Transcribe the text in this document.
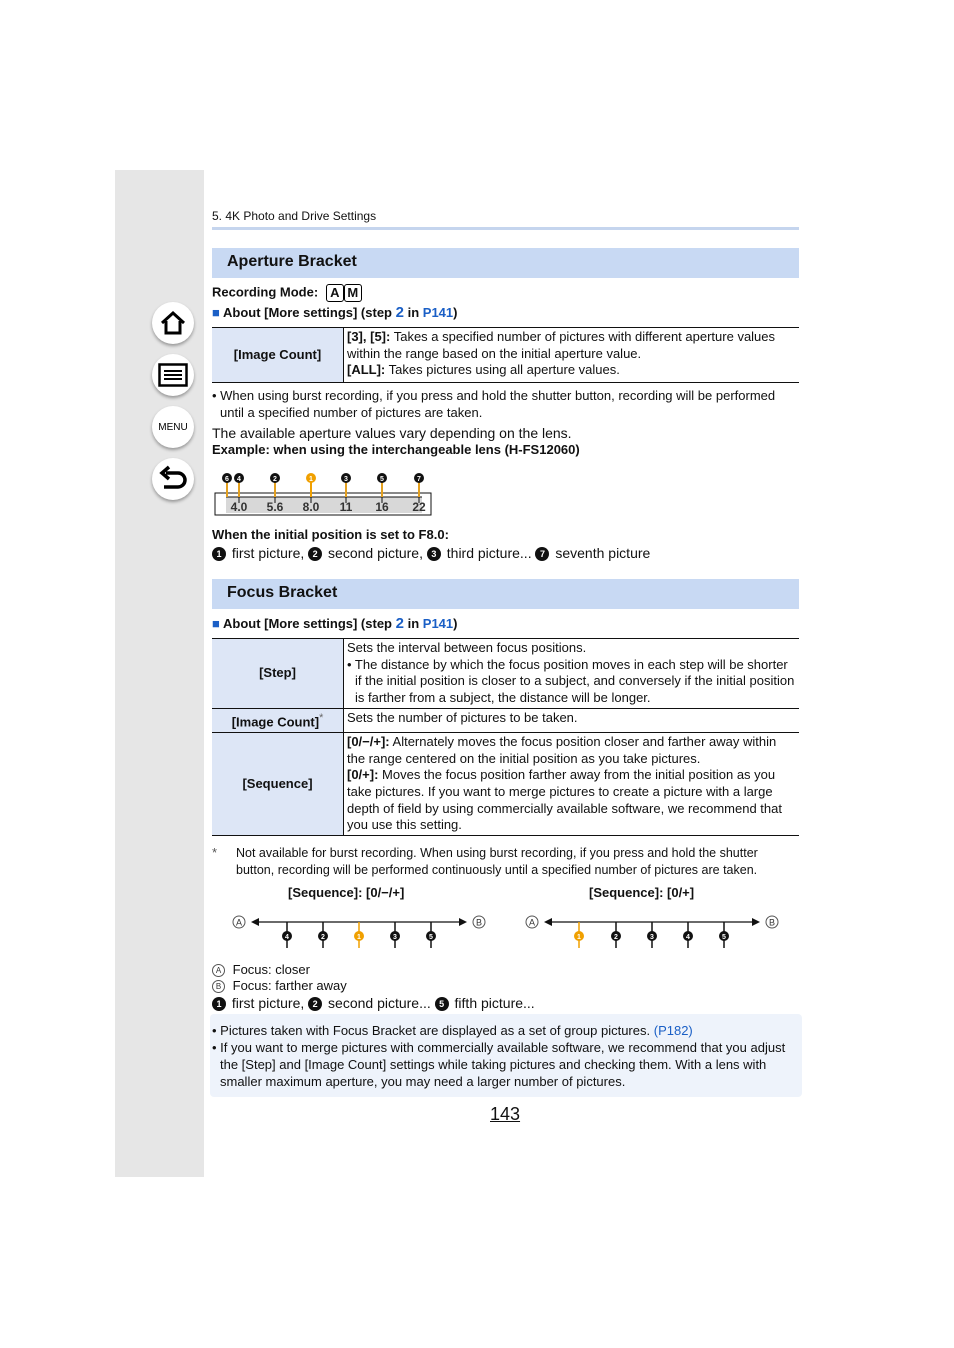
MENU
5. 4K Photo and Drive Settings
Aperture Bracket
Recording Mode: A M
■ About [More settings] (step 2 in P141)
[Image Count]	[3], [5]: Takes a specified number of pictures with different aperture values within the range based on the initial aperture value.
[ALL]: Takes pictures using all aperture values.
• When using burst recording, if you press and hold the shutter button, recording will be performed until a specified number of pictures are taken.
The available aperture values vary depending on the lens.
Example: when using the interchangeable lens (H-FS12060)
4.0 5.6 8.0 11 16 22
6 4	2	1	3	5	7
When the initial position is set to F8.0:
1 first picture, 2 second picture, 3 third picture... 7 seventh picture
Focus Bracket
■ About [More settings] (step 2 in P141)
[Step]	Sets the interval between focus positions.
• The distance by which the focus position moves in each step will be shorter if the initial position is closer to a subject, and conversely if the initial position is farther from a subject, the distance will be longer.

[Image Count]*	Sets the number of pictures to be taken.
[Sequence]	[0/−/+]: Alternately moves the focus position closer and farther away within the range centered on the initial position as you take pictures.
[0/+]: Moves the focus position farther away from the initial position as you take pictures. If you want to merge pictures to create a picture with a large depth of field by using commercially available software, we recommend that you use this setting.
* Not available for burst recording. When using burst recording, if you press and hold the shutter button, recording will be performed continuously until a specified number of pictures are taken.
[Sequence]: [0/−/+]	[Sequence]: [0/+]
A	B
4	2	1	3	5
A	B
1	2	3	4	5
A Focus: closer
B Focus: farther away
1 first picture, 2 second picture... 5 fifth picture...
• Pictures taken with Focus Bracket are displayed as a set of group pictures. (P182)
• If you want to merge pictures with commercially available software, we recommend that you adjust the [Step] and [Image Count] settings while taking pictures and checking them. With a lens with smaller maximum aperture, you may need a larger number of pictures.
143
